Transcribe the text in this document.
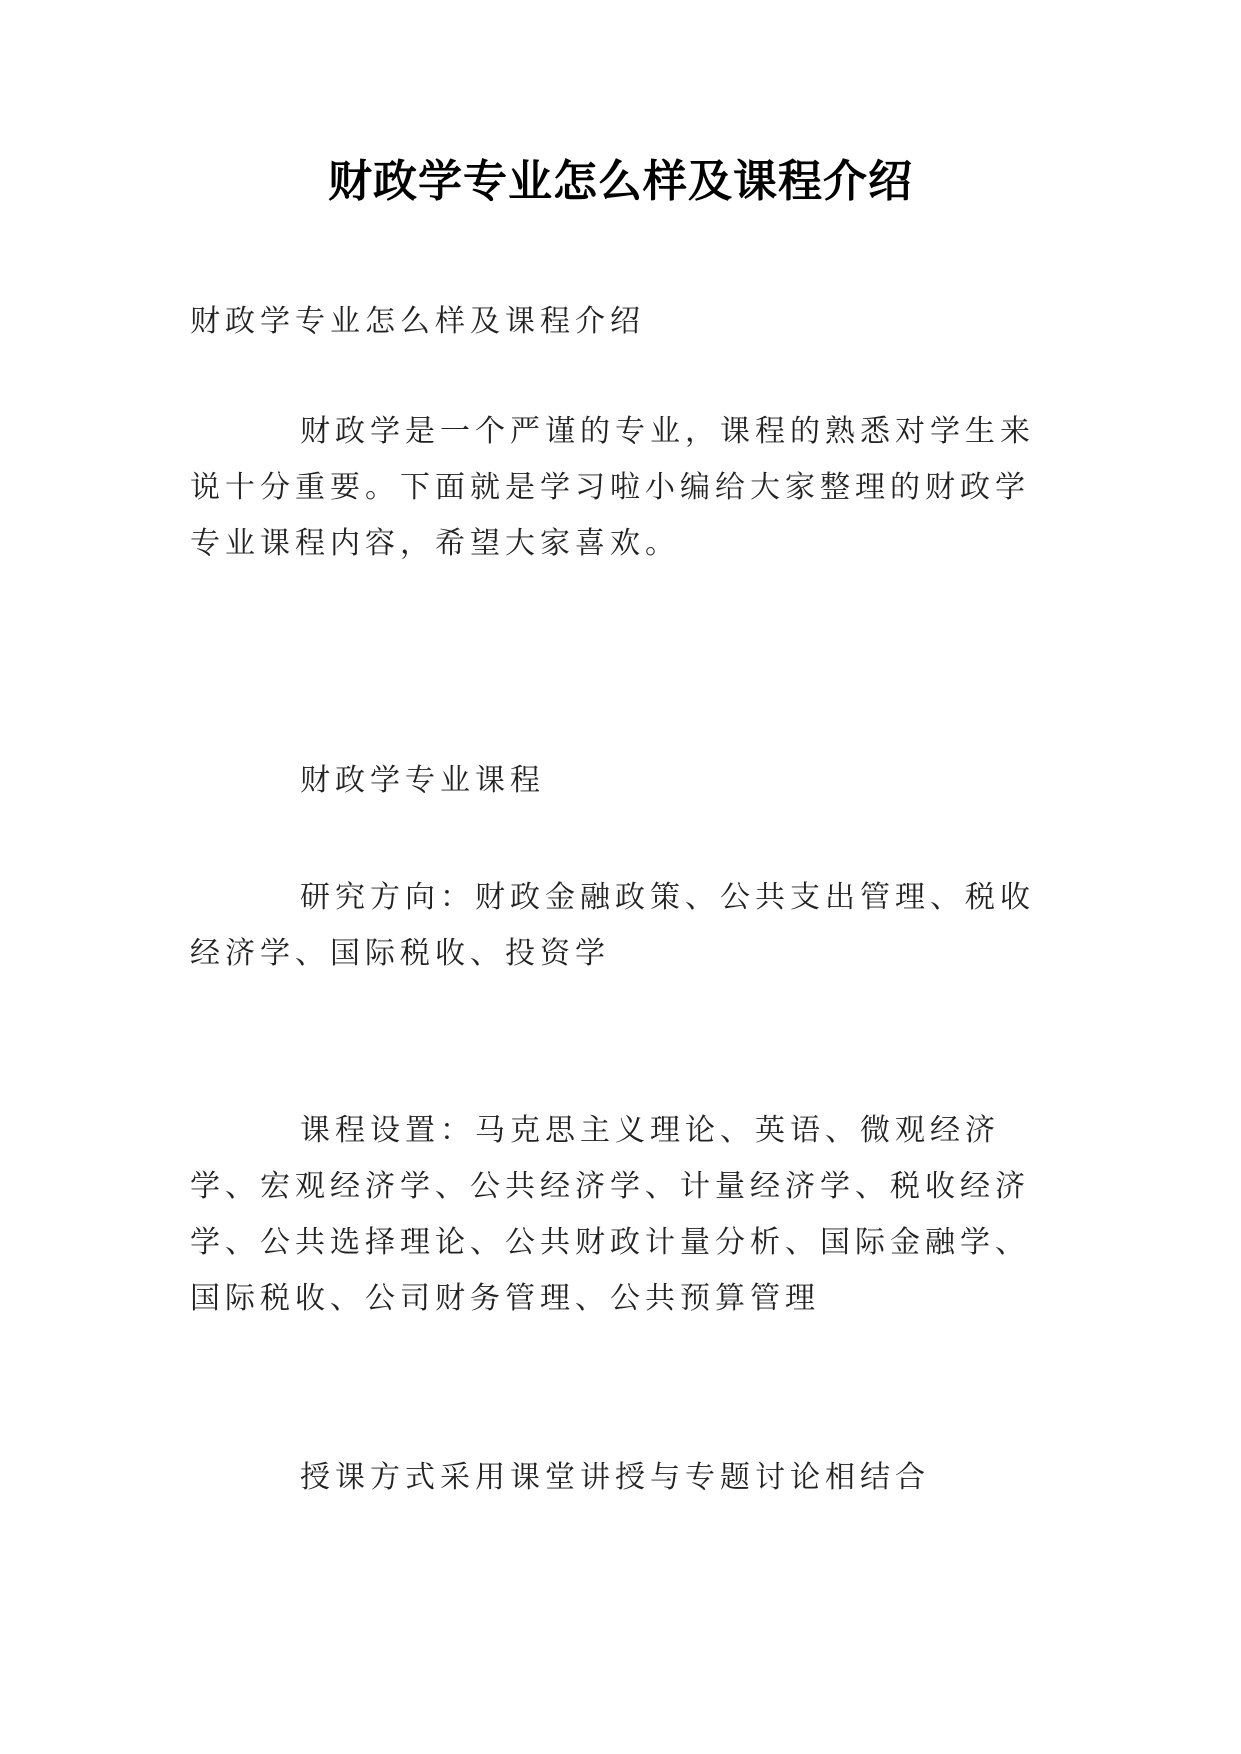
财政学专业怎么样及课程介绍

财政学专业怎么样及课程介绍

财政学是一个严谨的专业，课程的熟悉对学生来说十分重要。下面就是学习啦小编给大家整理的财政学专业课程内容，希望大家喜欢。

财政学专业课程

研究方向：财政金融政策、公共支出管理、税收经济学、国际税收、投资学

课程设置：马克思主义理论、英语、微观经济学、宏观经济学、公共经济学、计量经济学、税收经济学、公共选择理论、公共财政计量分析、国际金融学、国际税收、公司财务管理、公共预算管理

授课方式采用课堂讲授与专题讨论相结合
